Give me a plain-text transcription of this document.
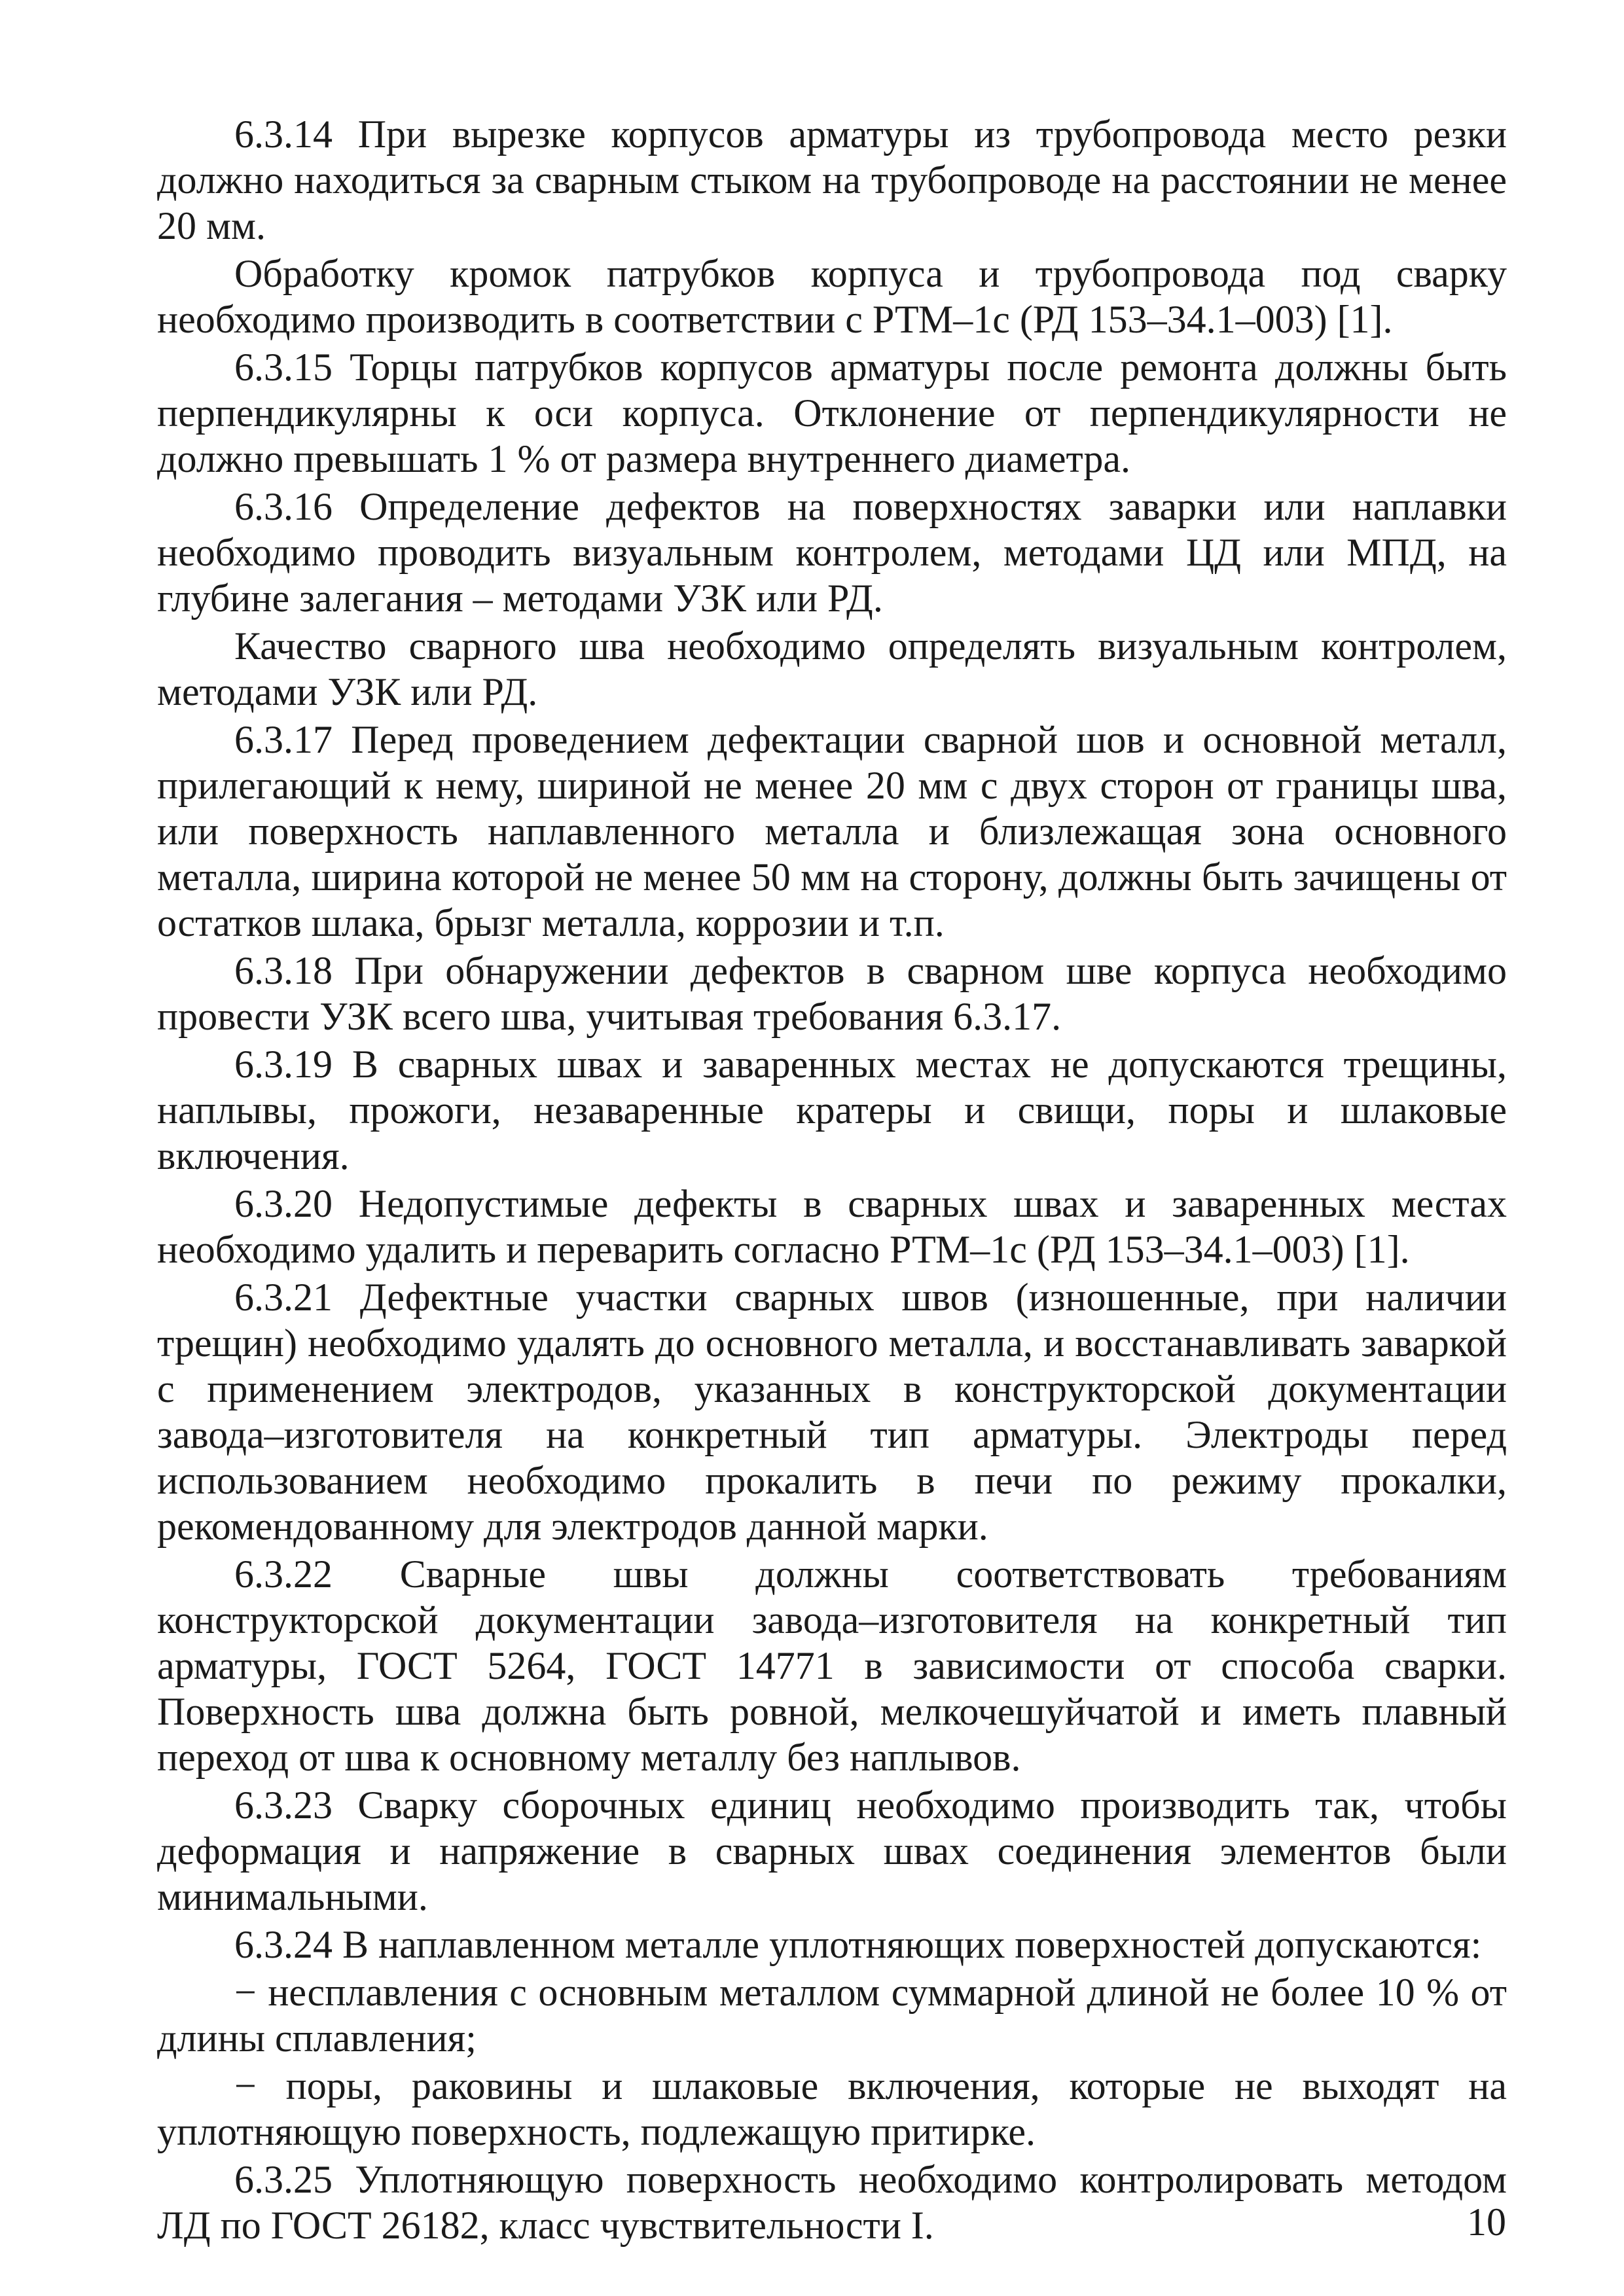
6.3.14 При вырезке корпусов арматуры из трубопровода место резки должно находиться за сварным стыком на трубопроводе на расстоянии не менее 20 мм.

Обработку кромок патрубков корпуса и трубопровода под сварку необходимо производить в соответствии с РТМ–1с (РД 153–34.1–003) [1].

6.3.15 Торцы патрубков корпусов арматуры после ремонта должны быть перпендикулярны к оси корпуса. Отклонение от перпендикулярности не должно превышать 1 % от размера внутреннего диаметра.

6.3.16 Определение дефектов на поверхностях заварки или наплавки необходимо проводить визуальным контролем, методами ЦД или МПД, на глубине залегания – методами УЗК или РД.

Качество сварного шва необходимо определять визуальным контролем, методами УЗК или РД.

6.3.17 Перед проведением дефектации сварной шов и основной металл, прилегающий к нему, шириной не менее 20 мм с двух сторон от границы шва, или поверхность наплавленного металла и близлежащая зона основного металла, ширина которой не менее 50 мм на сторону, должны быть зачищены от остатков шлака, брызг металла, коррозии и т.п.

6.3.18 При обнаружении дефектов в сварном шве корпуса необходимо провести УЗК всего шва, учитывая требования 6.3.17.

6.3.19 В сварных швах и заваренных местах не допускаются трещины, наплывы, прожоги, незаваренные кратеры и свищи, поры и шлаковые включения.

6.3.20 Недопустимые дефекты в сварных швах и заваренных местах необходимо удалить и переварить согласно РТМ–1с (РД 153–34.1–003) [1].

6.3.21 Дефектные участки сварных швов (изношенные, при наличии трещин) необходимо удалять до основного металла, и восстанавливать заваркой с применением электродов, указанных в конструкторской документации завода–изготовителя на конкретный тип арматуры. Электроды перед использованием необходимо прокалить в печи по режиму прокалки, рекомендованному для электродов данной марки.

6.3.22 Сварные швы должны соответствовать требованиям конструкторской документации завода–изготовителя на конкретный тип арматуры, ГОСТ 5264, ГОСТ 14771 в зависимости от способа сварки. Поверхность шва должна быть ровной, мелкочешуйчатой и иметь плавный переход от шва к основному металлу без наплывов.

6.3.23 Сварку сборочных единиц необходимо производить так, чтобы деформация и напряжение в сварных швах соединения элементов были минимальными.

6.3.24 В наплавленном металле уплотняющих поверхностей допускаются:

− несплавления с основным металлом суммарной длиной не более 10 % от длины сплавления;

− поры, раковины и шлаковые включения, которые не выходят на уплотняющую поверхность, подлежащую притирке.

6.3.25 Уплотняющую поверхность необходимо контролировать методом ЛД по ГОСТ 26182, класс чувствительности I.	10
